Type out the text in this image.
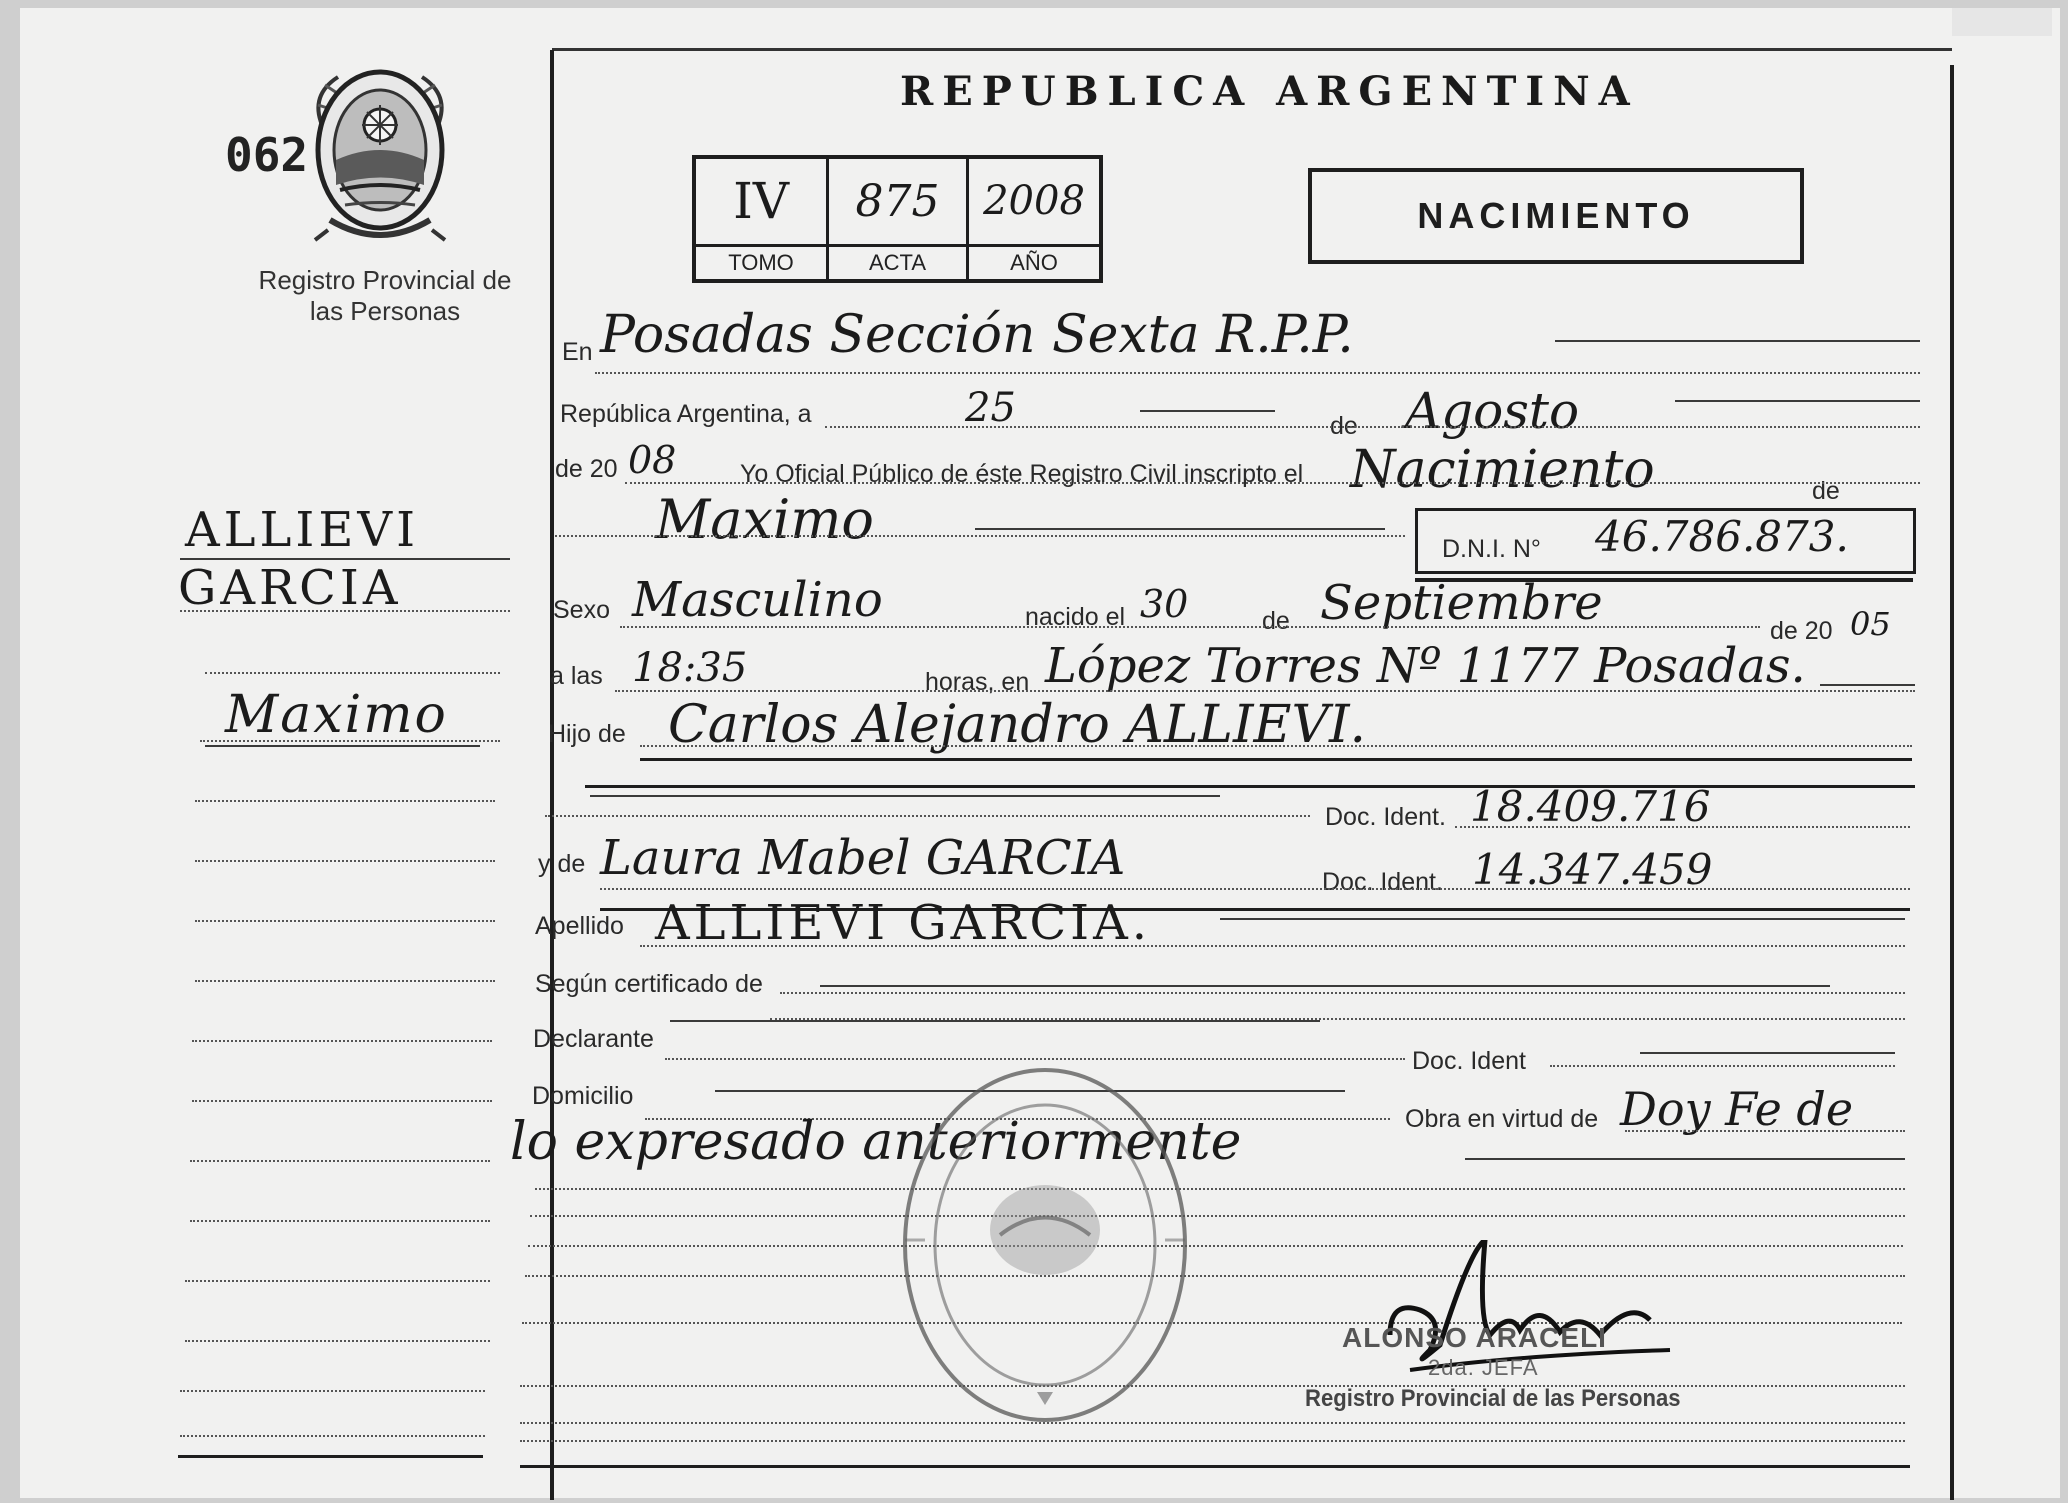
062
Registro Provincial de las Personas
ALLIEVI
GARCIA
Maximo
REPUBLICA ARGENTINA
IV	875	2008
TOMO	ACTA	AÑO
NACIMIENTO
En Posadas Sección Sexta R.P.P.
República Argentina, a	25	de Agosto
de 20 08	Yo Oficial Público de éste Registro Civil inscripto el Nacimiento	de
Maximo	D.N.I. N° 46.786.873.
Sexo Masculino	nacido el 30	de Septiembre	de 20 05
a las 18:35	horas, en López Torres Nº 1177 Posadas.
Hijo de Carlos Alejandro ALLIEVI.
Doc. Ident. 18.409.716
y de Laura Mabel GARCIA	Doc. Ident. 14.347.459
Apellido ALLIEVI GARCIA.
Según certificado de
Declarante
Doc. Ident
Domicilio
Obra en virtud de Doy Fe de
lo expresado anteriormente
ALONSO ARACELI
2da. JEFA
Registro Provincial de las Personas
